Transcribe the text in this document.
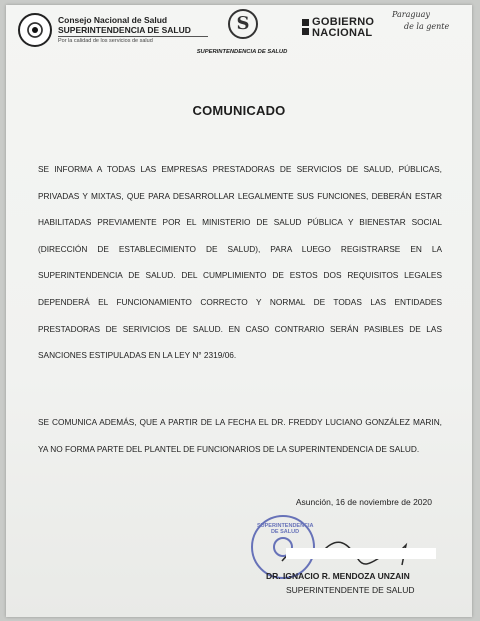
Consejo Nacional de Salud
SUPERINTENDENCIA DE SALUD
Por la calidad de los servicios de salud
S
SUPERINTENDENCIA DE SALUD
GOBIERNO
NACIONAL
Paraguay
de la gente
COMUNICADO
SE INFORMA A TODAS LAS EMPRESAS PRESTADORAS DE SERVICIOS DE SALUD, PÚBLICAS, PRIVADAS Y MIXTAS, QUE PARA DESARROLLAR LEGALMENTE SUS FUNCIONES, DEBERÁN ESTAR HABILITADAS PREVIAMENTE POR EL MINISTERIO DE SALUD PÚBLICA Y BIENESTAR SOCIAL (DIRECCIÓN DE ESTABLECIMIENTO DE SALUD), PARA LUEGO REGISTRARSE EN LA SUPERINTENDENCIA DE SALUD. DEL CUMPLIMIENTO DE ESTOS DOS REQUISITOS LEGALES DEPENDERÁ EL FUNCIONAMIENTO CORRECTO Y NORMAL DE TODAS LAS ENTIDADES PRESTADORAS DE SERIVICIOS DE SALUD. EN CASO CONTRARIO SERÁN PASIBLES DE LAS SANCIONES ESTIPULADAS EN LA LEY N° 2319/06.
SE COMUNICA ADEMÁS, QUE A PARTIR DE LA FECHA EL DR. FREDDY LUCIANO GONZÁLEZ MARIN, YA NO FORMA PARTE DEL PLANTEL DE FUNCIONARIOS DE LA SUPERINTENDENCIA DE SALUD.
Asunción, 16 de noviembre de 2020
SUPERINTENDENCIA DE SALUD
DR. IGNACIO R. MENDOZA UNZAIN
SUPERINTENDENTE DE SALUD
